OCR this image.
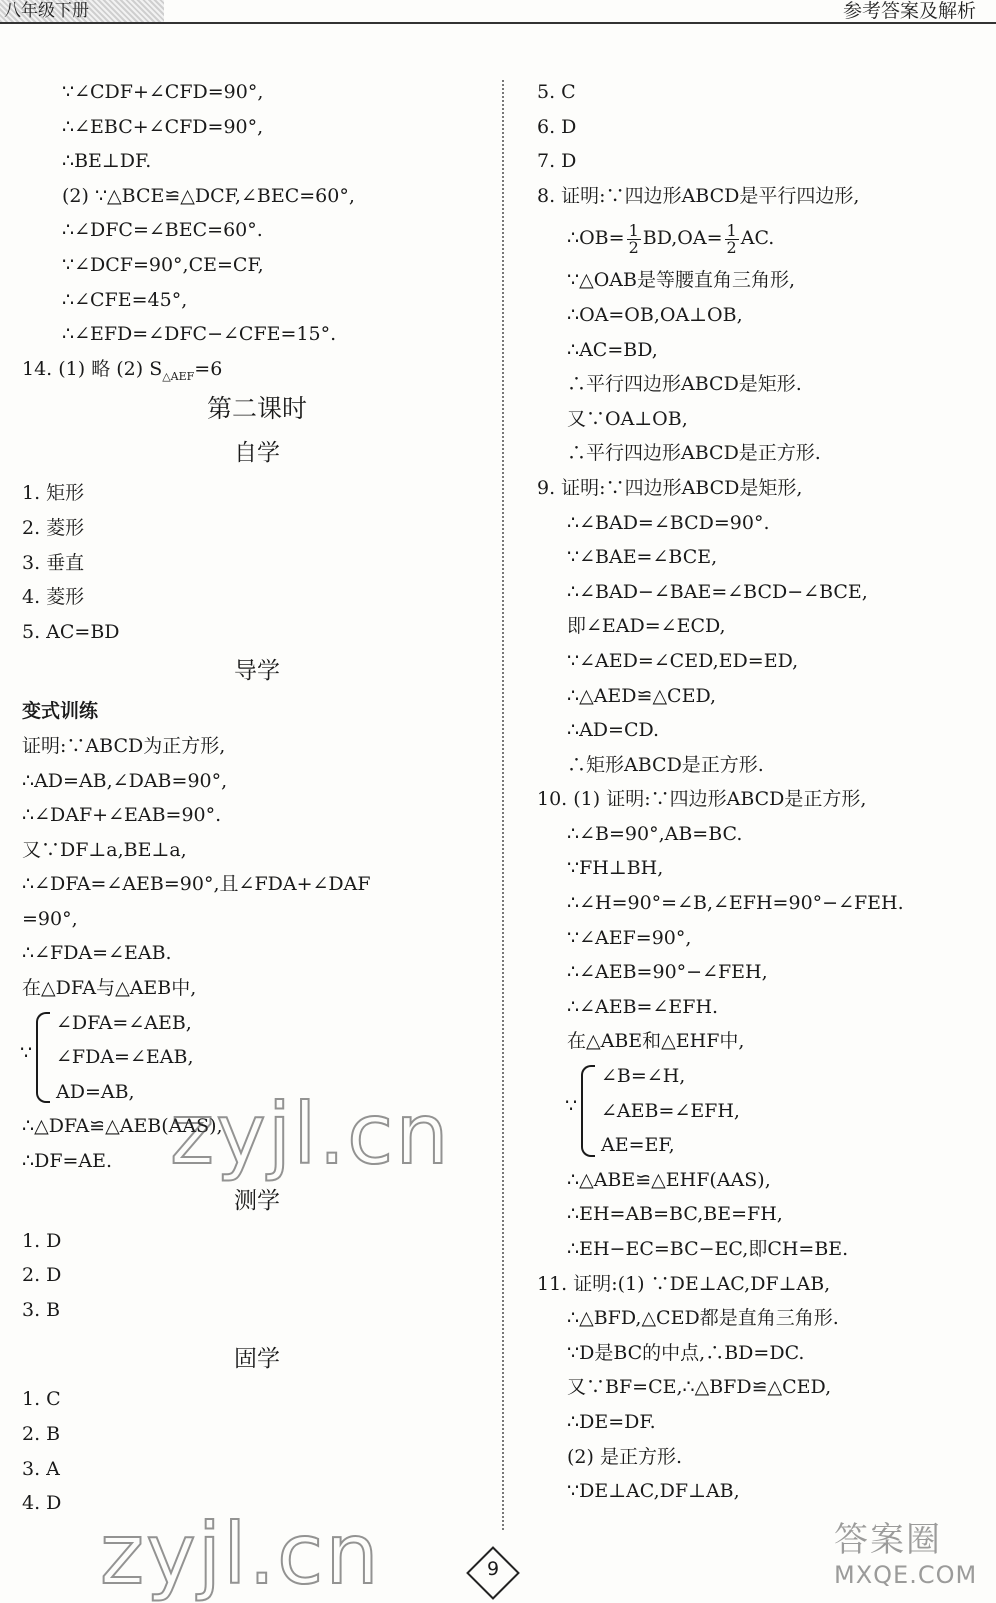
八年级下册	参考答案及解析
∵∠CDF+∠CFD=90°,
∴∠EBC+∠CFD=90°,
∴BE⊥DF.
(2) ∵△BCE≌△DCF,∠BEC=60°,
∴∠DFC=∠BEC=60°.
∵∠DCF=90°,CE=CF,
∴∠CFE=45°,
∴∠EFD=∠DFC−∠CFE=15°.
14. (1) 略 (2) $S_{\triangle AEF}=6$
第二课时
自学
1. 矩形
2. 菱形
3. 垂直
4. 菱形
5. AC=BD
导学
变式训练
证明:∵ABCD为正方形,
∴AD=AB,∠DAB=90°,
∴∠DAF+∠EAB=90°.
又∵DF⊥a,BE⊥a,
∴∠DFA=∠AEB=90°,且∠FDA+∠DAF
=90°,
∴∠FDA=∠EAB.
在△DFA与△AEB中,
∵
∠DFA=∠AEB,
∠FDA=∠EAB,
AD=AB,
∴△DFA≌△AEB(AAS),
∴DF=AE.
测学
1. D
2. D
3. B
固学
1. C
2. B
3. A
4. D
5. C
6. D
7. D
8. 证明:∵四边形ABCD是平行四边形,
∴OB= $\frac{1}{2} BD,OA= \frac{1}{2}$ AC.
∵△OAB是等腰直角三角形,
∴OA=OB,OA⊥OB,
∴AC=BD,
∴平行四边形ABCD是矩形.
又∵OA⊥OB,
∴平行四边形ABCD是正方形.
9. 证明:∵四边形ABCD是矩形,
∴∠BAD=∠BCD=90°.
∵∠BAE=∠BCE,
∴∠BAD−∠BAE=∠BCD−∠BCE,
即∠EAD=∠ECD,
∵∠AED=∠CED,ED=ED,
∴△AED≌△CED,
∴AD=CD.
∴矩形ABCD是正方形.
10. (1) 证明:∵四边形ABCD是正方形,
∴∠B=90°,AB=BC.
∵FH⊥BH,
∴∠H=90°=∠B,∠EFH=90°−∠FEH.
∵∠AEF=90°,
∴∠AEB=90°−∠FEH,
∴∠AEB=∠EFH.
在△ABE和△EHF中,
∵
∠B=∠H,
∠AEB=∠EFH,
AE=EF,
∴△ABE≌△EHF(AAS),
∴EH=AB=BC,BE=FH,
∴EH−EC=BC−EC,即CH=BE.
11. 证明:(1) ∵DE⊥AC,DF⊥AB,
∴△BFD,△CED都是直角三角形.
∵D是BC的中点,∴BD=DC.
又∵BF=CE,∴△BFD≌△CED,
∴DE=DF.
(2) 是正方形.
∵DE⊥AC,DF⊥AB,
zyjl.cn
zyjl.cn	9
答案圈
MXQE.COM
